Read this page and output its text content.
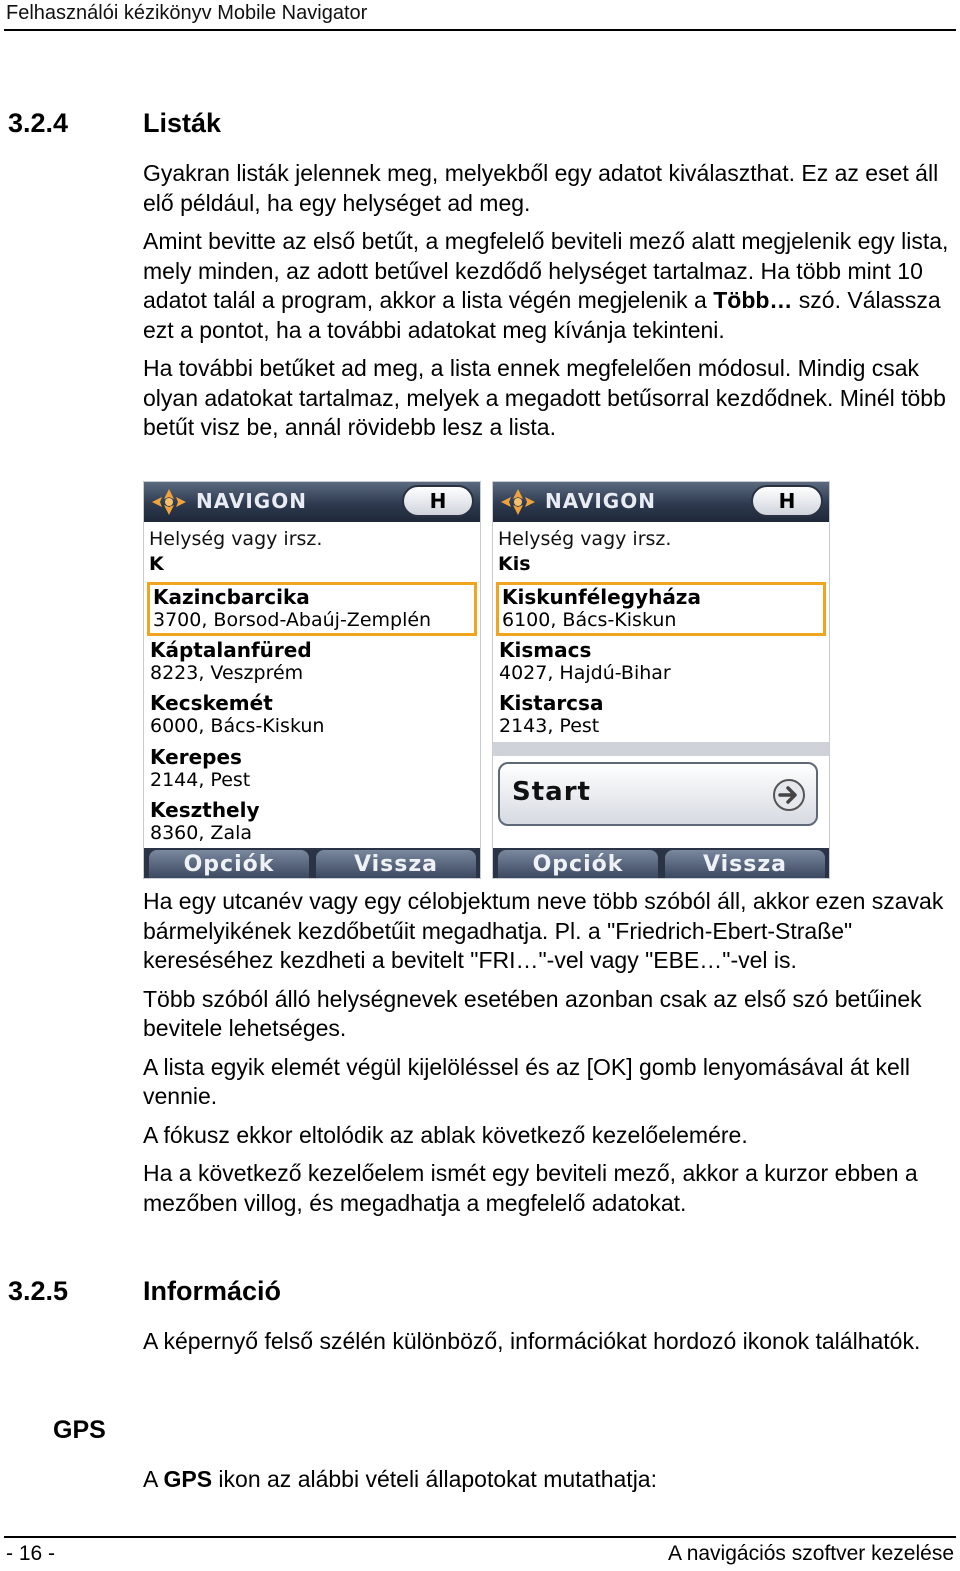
Felhasználói kézikönyv Mobile Navigator
3.2.4	Listák

Gyakran listák jelennek meg, melyekből egy adatot kiválaszthat. Ez az eset áll elő például, ha egy helységet ad meg.

Amint bevitte az első betűt, a megfelelő beviteli mező alatt megjelenik egy lista, mely minden, az adott betűvel kezdődő helységet tartalmaz. Ha több mint 10 adatot talál a program, akkor a lista végén megjelenik a Több… szó. Válassza ezt a pontot, ha a további adatokat meg kívánja tekinteni.

Ha további betűket ad meg, a lista ennek megfelelően módosul. Mindig csak olyan adatokat tartalmaz, melyek a megadott betűsorral kezdődnek. Minél több betűt visz be, annál rövidebb lesz a lista.

NAVIGON	H
Helység vagy irsz.
K
Kazincbarcika
3700, Borsod-Abaúj-Zemplén
Káptalanfüred
8223, Veszprém
Kecskemét
6000, Bács-Kiskun
Kerepes
2144, Pest
Keszthely
8360, Zala
Opciók	Vissza
NAVIGON	H
Helység vagy irsz.
Kis
Kiskunfélegyháza
6100, Bács-Kiskun
Kismacs
4027, Hajdú-Bihar
Kistarcsa
2143, Pest
Start
Opciók	Vissza

Ha egy utcanév vagy egy célobjektum neve több szóból áll, akkor ezen szavak bármelyikének kezdőbetűit megadhatja. Pl. a "Friedrich-Ebert-Straße" kereséséhez kezdheti a bevitelt "FRI…"-vel vagy "EBE…"-vel is.

Több szóból álló helységnevek esetében azonban csak az első szó betűinek bevitele lehetséges.

A lista egyik elemét végül kijelöléssel és az [OK] gomb lenyomásával át kell vennie.

A fókusz ekkor eltolódik az ablak következő kezelőelemére.

Ha a következő kezelőelem ismét egy beviteli mező, akkor a kurzor ebben a mezőben villog, és megadhatja a megfelelő adatokat.

3.2.5	Információ

A képernyő felső szélén különböző, információkat hordozó ikonok találhatók.

GPS

A GPS ikon az alábbi vételi állapotokat mutathatja:

- 16 -	A navigációs szoftver kezelése
